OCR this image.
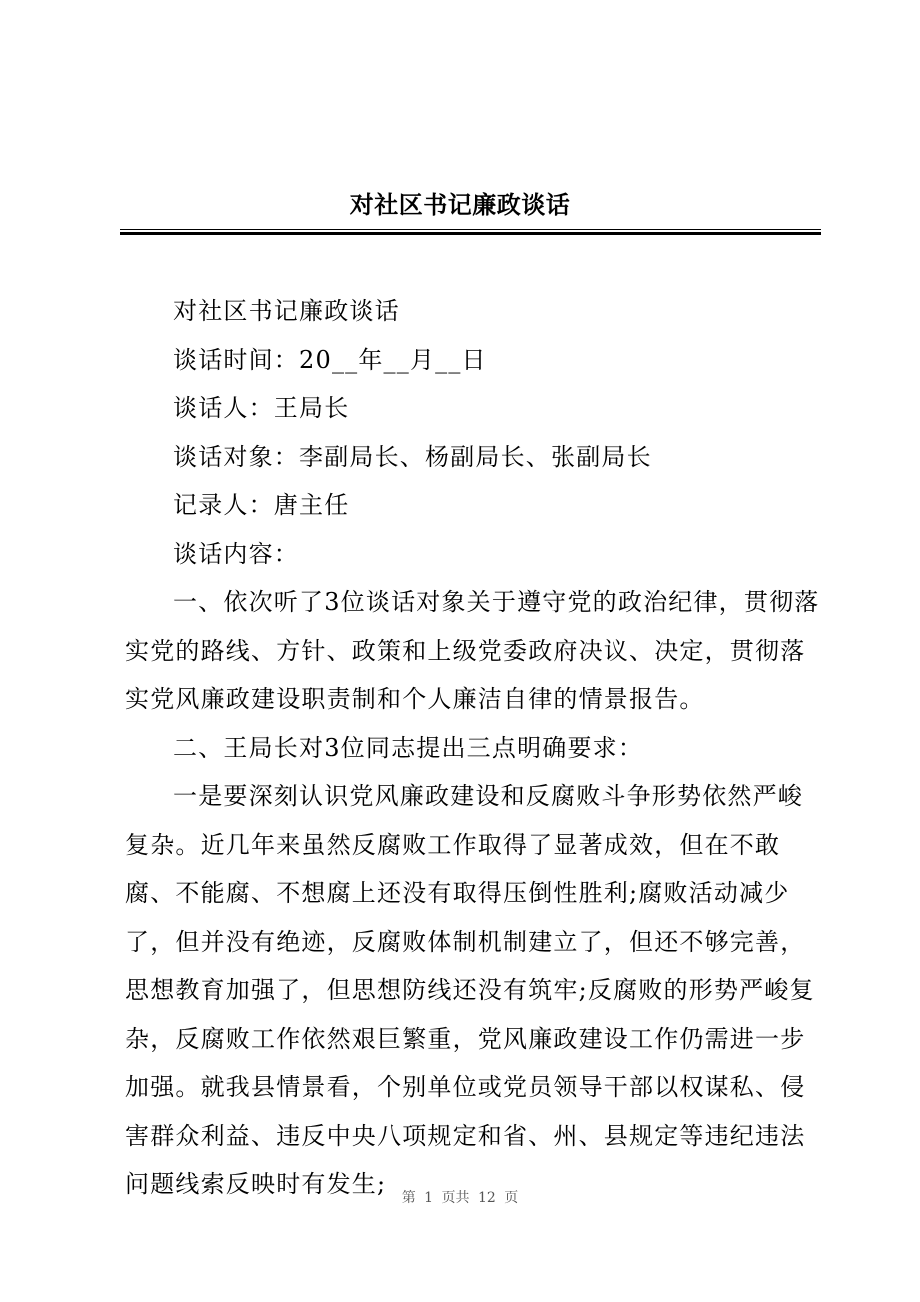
对社区书记廉政谈话

对社区书记廉政谈话

谈话时间：20__年__月__日

谈话人：王局长

谈话对象：李副局长、杨副局长、张副局长

记录人：唐主任

谈话内容：

一、依次听了3位谈话对象关于遵守党的政治纪律，贯彻落实党的路线、方针、政策和上级党委政府决议、决定，贯彻落实党风廉政建设职责制和个人廉洁自律的情景报告。

二、王局长对3位同志提出三点明确要求：

一是要深刻认识党风廉政建设和反腐败斗争形势依然严峻复杂。近几年来虽然反腐败工作取得了显著成效，但在不敢腐、不能腐、不想腐上还没有取得压倒性胜利;腐败活动减少了，但并没有绝迹，反腐败体制机制建立了，但还不够完善，思想教育加强了，但思想防线还没有筑牢;反腐败的形势严峻复杂，反腐败工作依然艰巨繁重，党风廉政建设工作仍需进一步加强。就我县情景看，个别单位或党员领导干部以权谋私、侵害群众利益、违反中央八项规定和省、州、县规定等违纪违法问题线索反映时有发生;	第 1 页共 12 页
